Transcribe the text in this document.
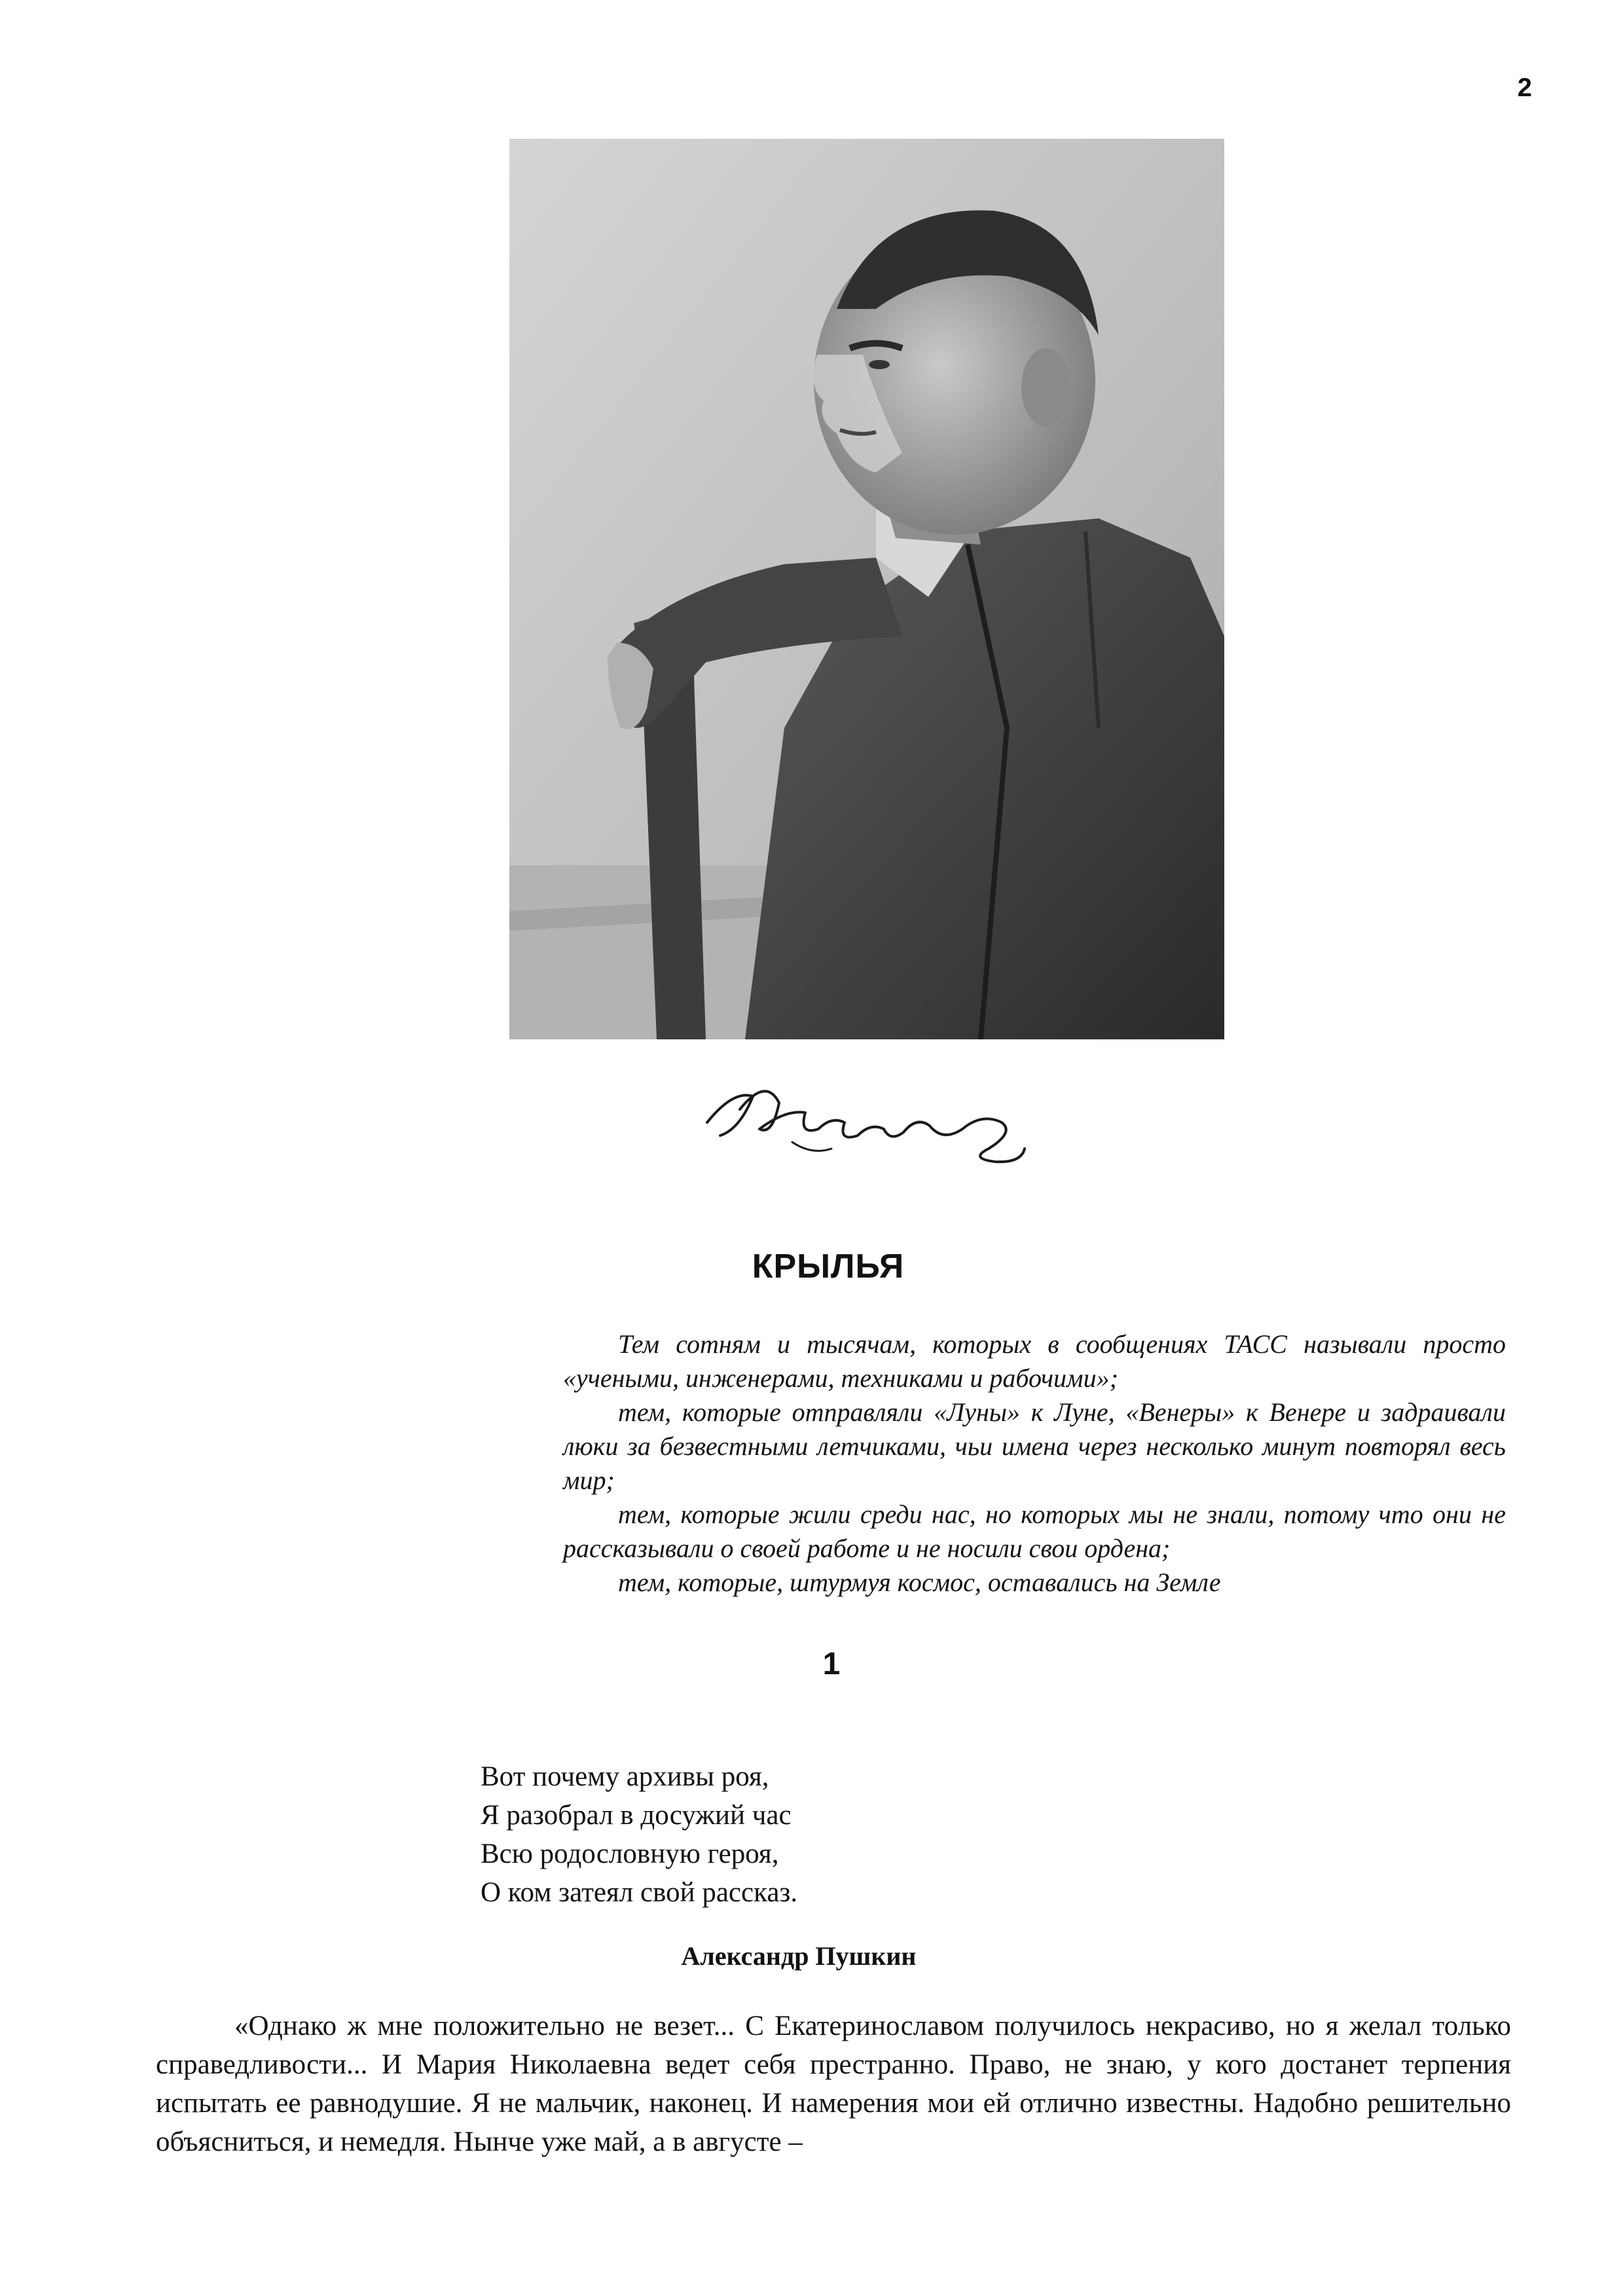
2
КРЫЛЬЯ

Тем сотням и тысячам, которых в сообщениях ТАСС называли просто «учеными, инженерами, техниками и рабочими»;

тем, которые отправляли «Луны» к Луне, «Венеры» к Венере и задраивали люки за безвестными летчиками, чьи имена через несколько минут повторял весь мир;

тем, которые жили среди нас, но которых мы не знали, потому что они не рассказывали о своей работе и не носили свои ордена;

тем, которые, штурмуя космос, оставались на Земле

1
Вот почему архивы роя,
Я разобрал в досужий час
Всю родословную героя,
О ком затеял свой рассказ.
Александр Пушкин

«Однако ж мне положительно не везет... С Екатеринославом получилось некрасиво, но я желал только справедливости... И Мария Николаевна ведет себя престранно. Право, не знаю, у кого достанет терпения испытать ее равнодушие. Я не мальчик, наконец. И намерения мои ей отлично известны. Надобно решительно объясниться, и немедля. Нынче уже май, а в августе –
